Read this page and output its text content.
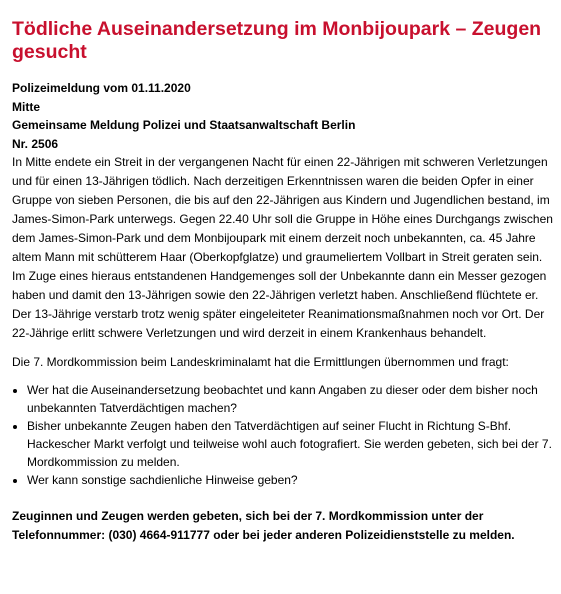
Tödliche Auseinandersetzung im Monbijoupark – Zeugen gesucht
Polizeimeldung vom 01.11.2020
Mitte
Gemeinsame Meldung Polizei und Staatsanwaltschaft Berlin
Nr. 2506

In Mitte endete ein Streit in der vergangenen Nacht für einen 22-Jährigen mit schweren Verletzungen und für einen 13-Jährigen tödlich. Nach derzeitigen Erkenntnissen waren die beiden Opfer in einer Gruppe von sieben Personen, die bis auf den 22-Jährigen aus Kindern und Jugendlichen bestand, im James-Simon-Park unterwegs. Gegen 22.40 Uhr soll die Gruppe in Höhe eines Durchgangs zwischen dem James-Simon-Park und dem Monbijoupark mit einem derzeit noch unbekannten, ca. 45 Jahre altem Mann mit schütterem Haar (Oberkopfglatze) und graumeliertem Vollbart in Streit geraten sein. Im Zuge eines hieraus entstandenen Handgemenges soll der Unbekannte dann ein Messer gezogen haben und damit den 13-Jährigen sowie den 22-Jährigen verletzt haben. Anschließend flüchtete er. Der 13-Jährige verstarb trotz wenig später eingeleiteter Reanimationsmaßnahmen noch vor Ort. Der 22-Jährige erlitt schwere Verletzungen und wird derzeit in einem Krankenhaus behandelt.

Die 7. Mordkommission beim Landeskriminalamt hat die Ermittlungen übernommen und fragt:

• Wer hat die Auseinandersetzung beobachtet und kann Angaben zu dieser oder dem bisher noch unbekannten Tatverdächtigen machen?
• Bisher unbekannte Zeugen haben den Tatverdächtigen auf seiner Flucht in Richtung S-Bhf. Hackescher Markt verfolgt und teilweise wohl auch fotografiert. Sie werden gebeten, sich bei der 7. Mordkommission zu melden.
• Wer kann sonstige sachdienliche Hinweise geben?
Zeuginnen und Zeugen werden gebeten, sich bei der 7. Mordkommission unter der Telefonnummer: (030) 4664-911777 oder bei jeder anderen Polizeidienststelle zu melden.
